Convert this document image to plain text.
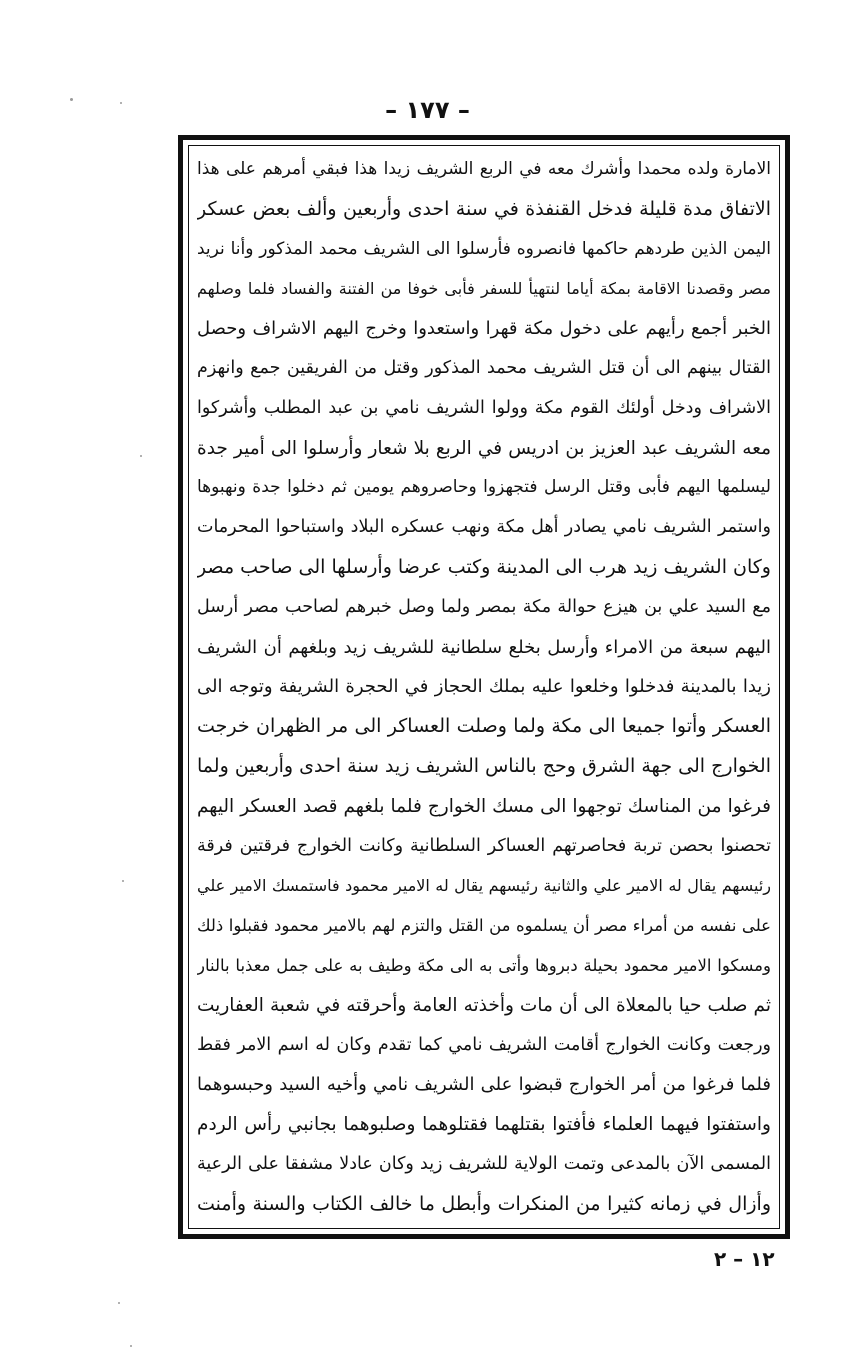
– ١٧٧ –
الامارة ولده محمدا وأشرك معه في الربع الشريف زيدا هذا فبقي أمرهم على هذا
الاتفاق مدة قليلة فدخل القنفذة في سنة احدى وأربعين وألف بعض عسكر
اليمن الذين طردهم حاكمها فانصروه فأرسلوا الى الشريف محمد المذكور وأنا نريد
مصر وقصدنا الاقامة بمكة أياما لنتهيأ للسفر فأبى خوفا من الفتنة والفساد فلما وصلهم
الخبر أجمع رأيهم على دخول مكة قهرا واستعدوا وخرج اليهم الاشراف وحصل
القتال بينهم الى أن قتل الشريف محمد المذكور وقتل من الفريقين جمع وانهزم
الاشراف ودخل أولئك القوم مكة وولوا الشريف نامي بن عبد المطلب وأشركوا
معه الشريف عبد العزيز بن ادريس في الربع بلا شعار وأرسلوا الى أمير جدة
ليسلمها اليهم فأبى وقتل الرسل فتجهزوا وحاصروهم يومين ثم دخلوا جدة ونهبوها
واستمر الشريف نامي يصادر أهل مكة ونهب عسكره البلاد واستباحوا المحرمات
وكان الشريف زيد هرب الى المدينة وكتب عرضا وأرسلها الى صاحب مصر
مع السيد علي بن هيزع حوالة مكة بمصر ولما وصل خبرهم لصاحب مصر أرسل
اليهم سبعة من الامراء وأرسل بخلع سلطانية للشريف زيد وبلغهم أن الشريف
زيدا بالمدينة فدخلوا وخلعوا عليه بملك الحجاز في الحجرة الشريفة وتوجه الى
العسكر وأتوا جميعا الى مكة ولما وصلت العساكر الى مر الظهران خرجت
الخوارج الى جهة الشرق وحج بالناس الشريف زيد سنة احدى وأربعين ولما
فرغوا من المناسك توجهوا الى مسك الخوارج فلما بلغهم قصد العسكر اليهم
تحصنوا بحصن تربة فحاصرتهم العساكر السلطانية وكانت الخوارج فرقتين فرقة
رئيسهم يقال له الامير علي والثانية رئيسهم يقال له الامير محمود فاستمسك الامير علي
على نفسه من أمراء مصر أن يسلموه من القتل والتزم لهم بالامير محمود فقبلوا ذلك
ومسكوا الامير محمود بحيلة دبروها وأتى به الى مكة وطيف به على جمل معذبا بالنار
ثم صلب حيا بالمعلاة الى أن مات وأخذته العامة وأحرقته في شعبة العفاريت
ورجعت وكانت الخوارج أقامت الشريف نامي كما تقدم وكان له اسم الامر فقط
فلما فرغوا من أمر الخوارج قبضوا على الشريف نامي وأخيه السيد وحبسوهما
واستفتوا فيهما العلماء فأفتوا بقتلهما فقتلوهما وصلبوهما بجانبي رأس الردم
المسمى الآن بالمدعى وتمت الولاية للشريف زيد وكان عادلا مشفقا على الرعية
وأزال في زمانه كثيرا من المنكرات وأبطل ما خالف الكتاب والسنة وأمنت
١٢ – ٢
